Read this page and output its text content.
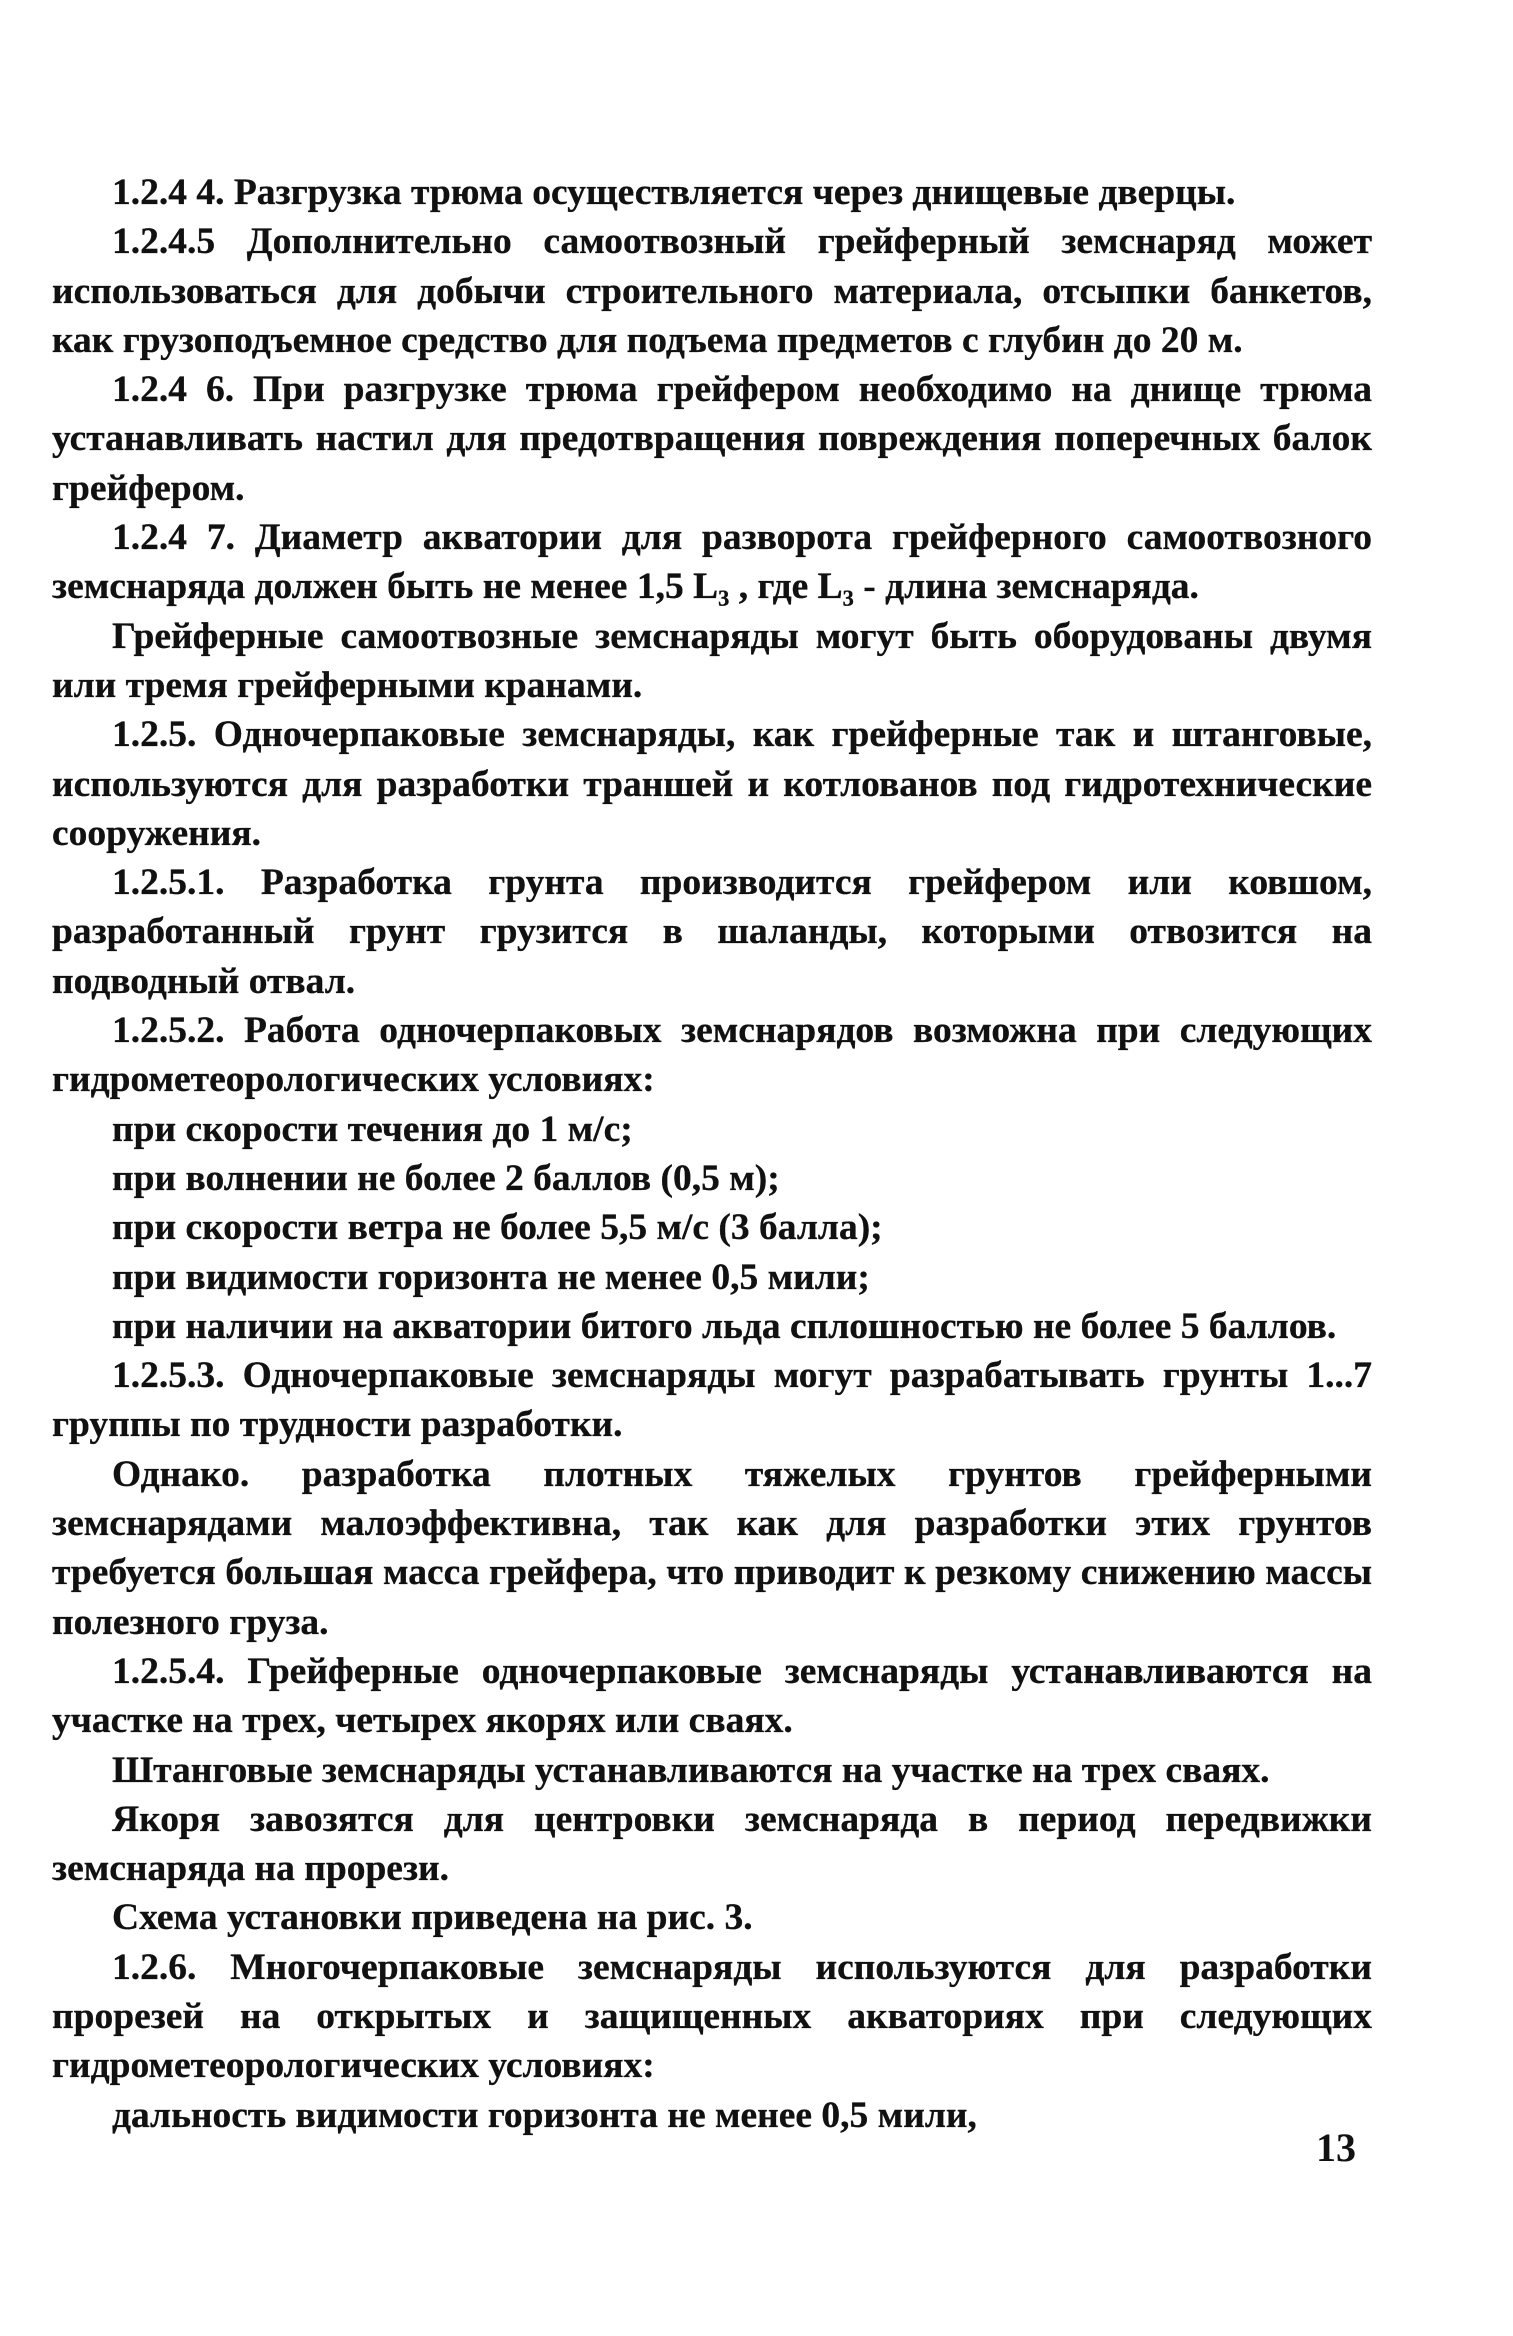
1.2.4 4. Разгрузка трюма осуществляется через днищевые дверцы.

1.2.4.5 Дополнительно самоотвозный грейферный земснаряд может использоваться для добычи строительного материала, отсыпки банкетов, как грузоподъемное средство для подъема предметов с глубин до 20 м.

1.2.4 6. При разгрузке трюма грейфером необходимо на днище трюма устанавливать настил для предотвращения повреждения поперечных балок грейфером.

1.2.4 7. Диаметр акватории для разворота грейферного самоотвозного земснаряда должен быть не менее 1,5 L₃ , где L₃ - длина земснаряда.

Грейферные самоотвозные земснаряды могут быть оборудованы двумя или тремя грейферными кранами.

1.2.5. Одночерпаковые земснаряды, как грейферные так и штанговые, используются для разработки траншей и котлованов под гидротехнические сооружения.

1.2.5.1. Разработка грунта производится грейфером или ковшом, разработанный грунт грузится в шаланды, которыми отвозится на подводный отвал.

1.2.5.2. Работа одночерпаковых земснарядов возможна при следующих гидрометеорологических условиях:

при скорости течения до 1 м/с;

при волнении не более 2 баллов (0,5 м);

при скорости ветра не более 5,5 м/с (3 балла);

при видимости горизонта не менее 0,5 мили;

при наличии на акватории битого льда сплошностью не более 5 баллов.

1.2.5.3. Одночерпаковые земснаряды могут разрабатывать грунты 1...7 группы по трудности разработки.

Однако. разработка плотных тяжелых грунтов грейферными земснарядами малоэффективна, так как для разработки этих грунтов требуется большая масса грейфера, что приводит к резкому снижению массы полезного груза.

1.2.5.4. Грейферные одночерпаковые земснаряды устанавливаются на участке на трех, четырех якорях или сваях.

Штанговые земснаряды устанавливаются на участке на трех сваях.

Якоря завозятся для центровки земснаряда в период передвижки земснаряда на прорези.

Схема установки приведена на рис. 3.

1.2.6. Многочерпаковые земснаряды используются для разработки прорезей на открытых и защищенных акваториях при следующих гидрометеорологических условиях:

дальность видимости горизонта не менее 0,5 мили,

13
